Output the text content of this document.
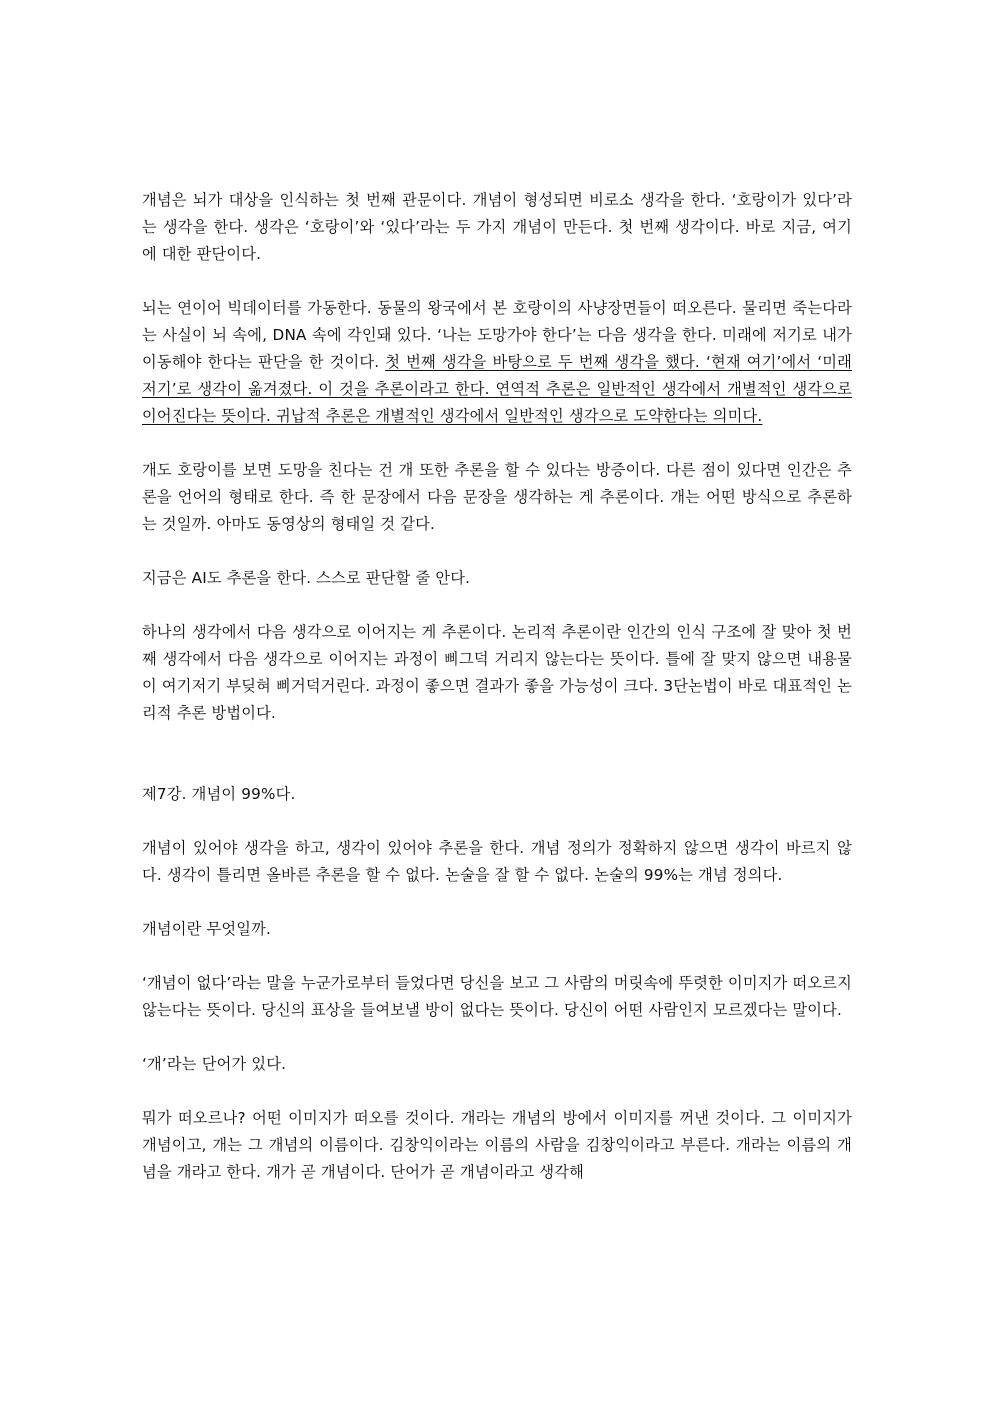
개념은 뇌가 대상을 인식하는 첫 번째 관문이다. 개념이 형성되면 비로소 생각을 한다. ‘호랑이가 있다’라는 생각을 한다. 생각은 ‘호랑이’와 ‘있다’라는 두 가지 개념이 만든다. 첫 번째 생각이다. 바로 지금, 여기에 대한 판단이다.

뇌는 연이어 빅데이터를 가동한다. 동물의 왕국에서 본 호랑이의 사냥장면들이 떠오른다. 물리면 죽는다라는 사실이 뇌 속에, DNA 속에 각인돼 있다. ‘나는 도망가야 한다’는 다음 생각을 한다. 미래에 저기로 내가 이동해야 한다는 판단을 한 것이다. 첫 번째 생각을 바탕으로 두 번째 생각을 했다. ‘현재 여기’에서 ‘미래 저기’로 생각이 옮겨졌다. 이 것을 추론이라고 한다. 연역적 추론은 일반적인 생각에서 개별적인 생각으로 이어진다는 뜻이다. 귀납적 추론은 개별적인 생각에서 일반적인 생각으로 도약한다는 의미다.

개도 호랑이를 보면 도망을 친다는 건 개 또한 추론을 할 수 있다는 방증이다. 다른 점이 있다면 인간은 추론을 언어의 형태로 한다. 즉 한 문장에서 다음 문장을 생각하는 게 추론이다. 개는 어떤 방식으로 추론하는 것일까. 아마도 동영상의 형태일 것 같다.

지금은 AI도 추론을 한다. 스스로 판단할 줄 안다.

하나의 생각에서 다음 생각으로 이어지는 게 추론이다. 논리적 추론이란 인간의 인식 구조에 잘 맞아 첫 번째 생각에서 다음 생각으로 이어지는 과정이 삐그덕 거리지 않는다는 뜻이다. 틀에 잘 맞지 않으면 내용물이 여기저기 부딪혀 삐거덕거린다. 과정이 좋으면 결과가 좋을 가능성이 크다. 3단논법이 바로 대표적인 논리적 추론 방법이다.

제7강. 개념이 99%다.

개념이 있어야 생각을 하고, 생각이 있어야 추론을 한다. 개념 정의가 정확하지 않으면 생각이 바르지 않다. 생각이 틀리면 올바른 추론을 할 수 없다. 논술을 잘 할 수 없다. 논술의 99%는 개념 정의다.

개념이란 무엇일까.

‘개념이 없다’라는 말을 누군가로부터 들었다면 당신을 보고 그 사람의 머릿속에 뚜렷한 이미지가 떠오르지 않는다는 뜻이다. 당신의 표상을 들여보낼 방이 없다는 뜻이다. 당신이 어떤 사람인지 모르겠다는 말이다.

‘개’라는 단어가 있다.

뭐가 떠오르나? 어떤 이미지가 떠오를 것이다. 개라는 개념의 방에서 이미지를 꺼낸 것이다. 그 이미지가 개념이고, 개는 그 개념의 이름이다. 김창익이라는 이름의 사람을 김창익이라고 부른다. 개라는 이름의 개념을 개라고 한다. 개가 곧 개념이다. 단어가 곧 개념이라고 생각해
